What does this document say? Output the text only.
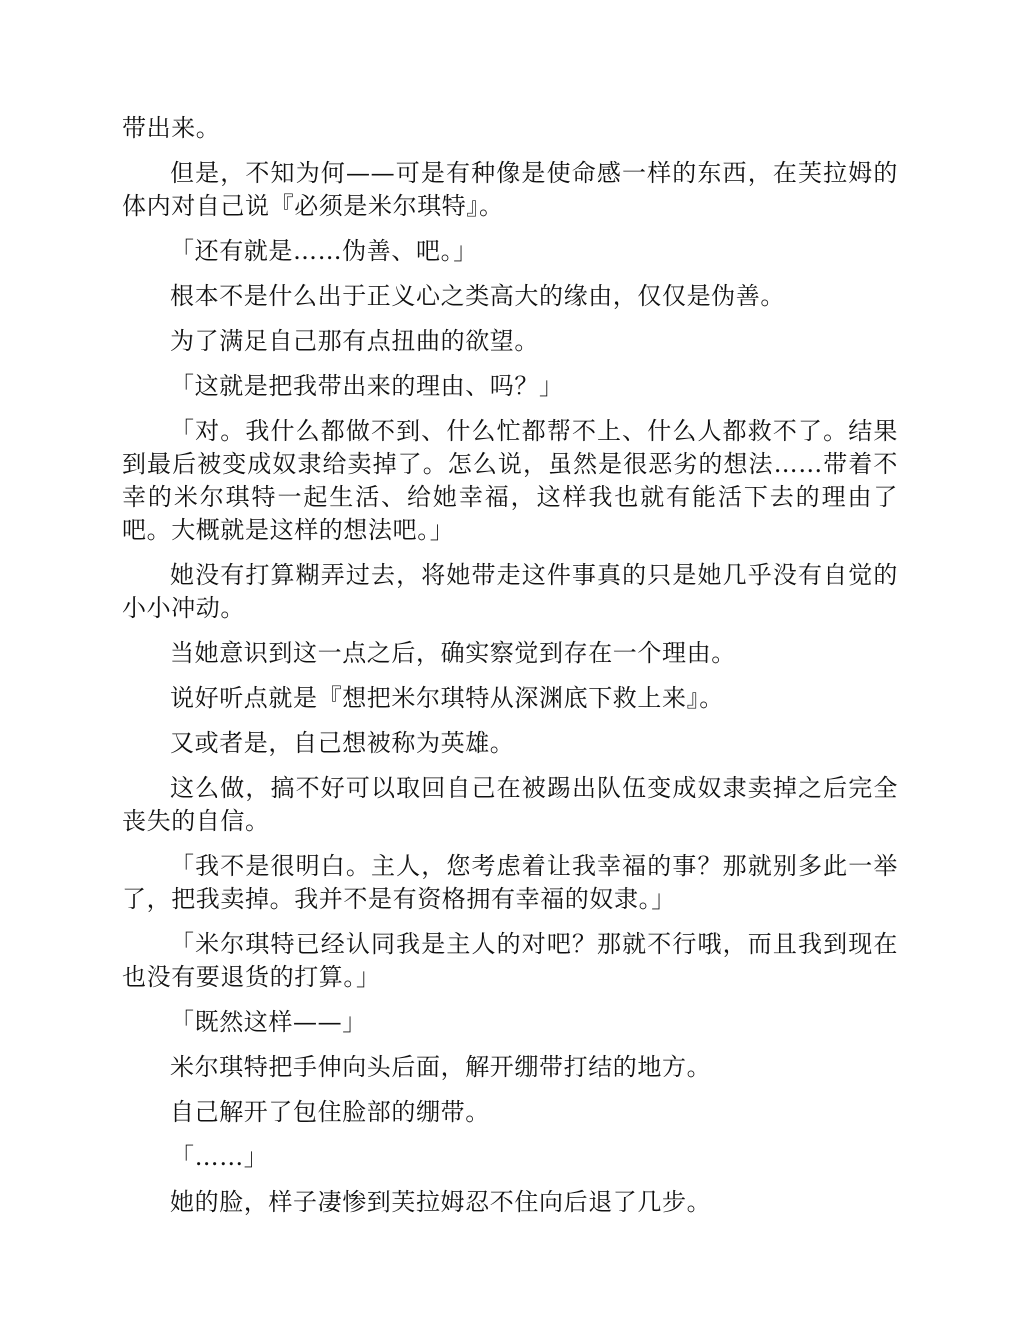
带出来。

但是，不知为何——可是有种像是使命感一样的东西，在芙拉姆的体内对自己说『必须是米尔琪特』。

「还有就是……伪善、吧。」

根本不是什么出于正义心之类高大的缘由，仅仅是伪善。

为了满足自己那有点扭曲的欲望。

「这就是把我带出来的理由、吗？」

「对。我什么都做不到、什么忙都帮不上、什么人都救不了。结果到最后被变成奴隶给卖掉了。怎么说，虽然是很恶劣的想法……带着不幸的米尔琪特一起生活、给她幸福，这样我也就有能活下去的理由了吧。大概就是这样的想法吧。」

她没有打算糊弄过去，将她带走这件事真的只是她几乎没有自觉的小小冲动。

当她意识到这一点之后，确实察觉到存在一个理由。

说好听点就是『想把米尔琪特从深渊底下救上来』。

又或者是，自己想被称为英雄。

这么做，搞不好可以取回自己在被踢出队伍变成奴隶卖掉之后完全丧失的自信。

「我不是很明白。主人，您考虑着让我幸福的事？那就别多此一举了，把我卖掉。我并不是有资格拥有幸福的奴隶。」

「米尔琪特已经认同我是主人的对吧？那就不行哦，而且我到现在也没有要退货的打算。」

「既然这样——」

米尔琪特把手伸向头后面，解开绷带打结的地方。

自己解开了包住脸部的绷带。

「……」

她的脸，样子凄惨到芙拉姆忍不住向后退了几步。
